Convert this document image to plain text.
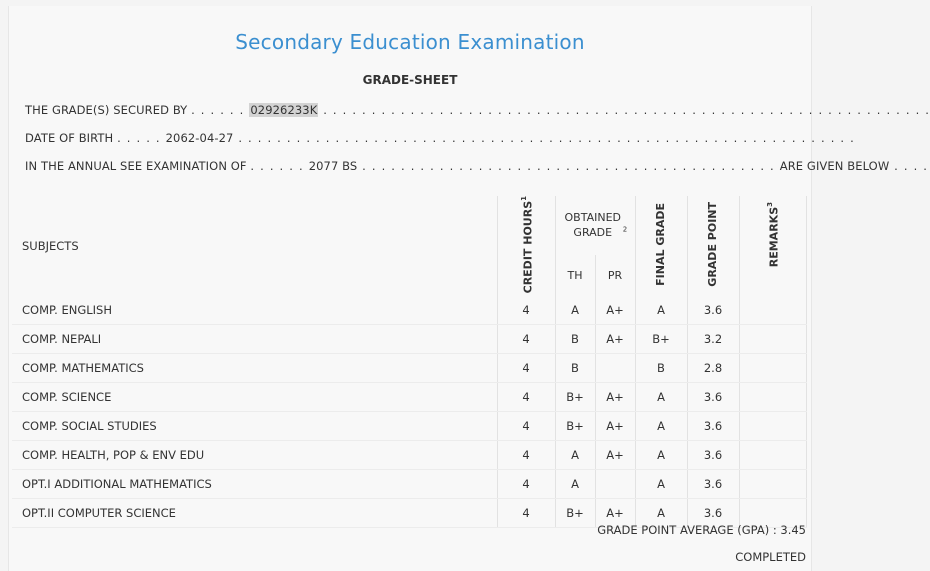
Secondary Education Examination
GRADE-SHEET
THE GRADE(S) SECURED BY . . . . . . 02926233K . . . . . . . . . . . . . . . . . . . . . . . . . . . . . . . . . . . . . . . . . . . . . . . . . . . . . . . . . . . . . . .
DATE OF BIRTH . . . . . 2062-04-27 . . . . . . . . . . . . . . . . . . . . . . . . . . . . . . . . . . . . . . . . . . . . . . . . . . . . . . . . . . . . . . . .
IN THE ANNUAL SEE EXAMINATION OF . . . . . . 2077 BS . . . . . . . . . . . . . . . . . . . . . . . . . . . . . . . . . . . . . . . . . . . ARE GIVEN BELOW . . . .
SUBJECTS	CREDIT HOURS$^1$	OBTAINED GRADE $^2$		FINAL GRADE	GRADE POINT	REMARKS$^3$
		TH	PR			
COMP. ENGLISH	4	A	A+	A	3.6	
COMP. NEPALI	4	B	A+	B+	3.2	
COMP. MATHEMATICS	4	B		B	2.8	
COMP. SCIENCE	4	B+	A+	A	3.6	
COMP. SOCIAL STUDIES	4	B+	A+	A	3.6	
COMP. HEALTH, POP & ENV EDU	4	A	A+	A	3.6	
OPT.I ADDITIONAL MATHEMATICS	4	A		A	3.6	
OPT.II COMPUTER SCIENCE	4	B+	A+	A	3.6	
GRADE POINT AVERAGE (GPA) : 3.45
COMPLETED
